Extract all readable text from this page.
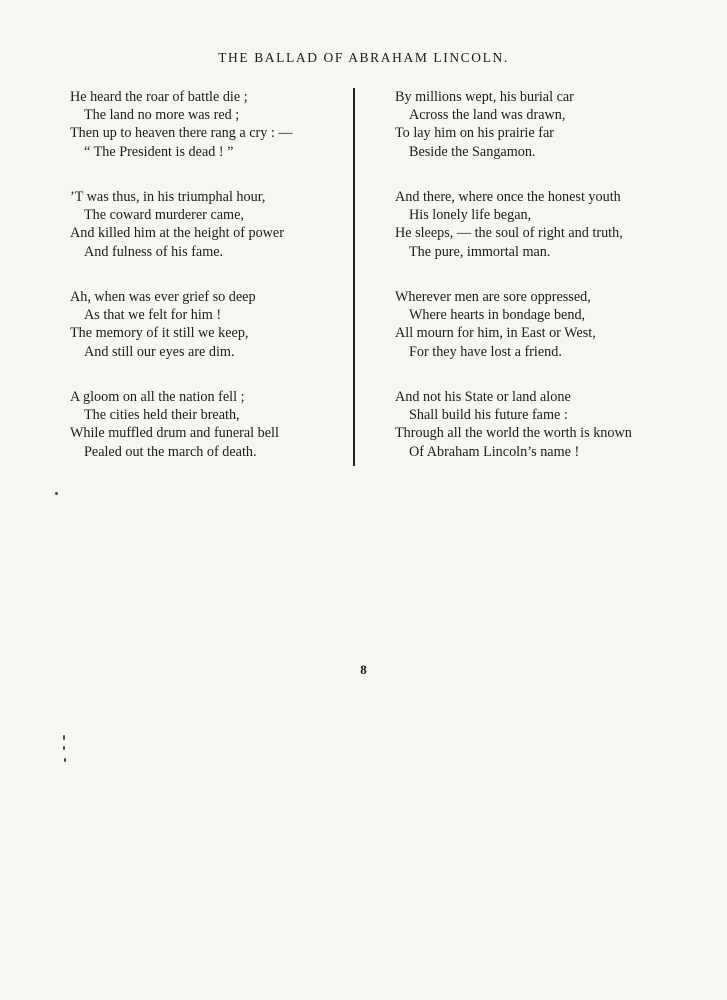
THE BALLAD OF ABRAHAM LINCOLN.
He heard the roar of battle die ;
The land no more was red ;
Then up to heaven there rang a cry : —
“ The President is dead ! ”
’T was thus, in his triumphal hour,
The coward murderer came,
And killed him at the height of power
And fulness of his fame.
Ah, when was ever grief so deep
As that we felt for him !
The memory of it still we keep,
And still our eyes are dim.
A gloom on all the nation fell ;
The cities held their breath,
While muffled drum and funeral bell
Pealed out the march of death.
By millions wept, his burial car
Across the land was drawn,
To lay him on his prairie far
Beside the Sangamon.
And there, where once the honest youth
His lonely life began,
He sleeps, — the soul of right and truth,
The pure, immortal man.
Wherever men are sore oppressed,
Where hearts in bondage bend,
All mourn for him, in East or West,
For they have lost a friend.
And not his State or land alone
Shall build his future fame :
Through all the world the worth is known
Of Abraham Lincoln’s name !
8
